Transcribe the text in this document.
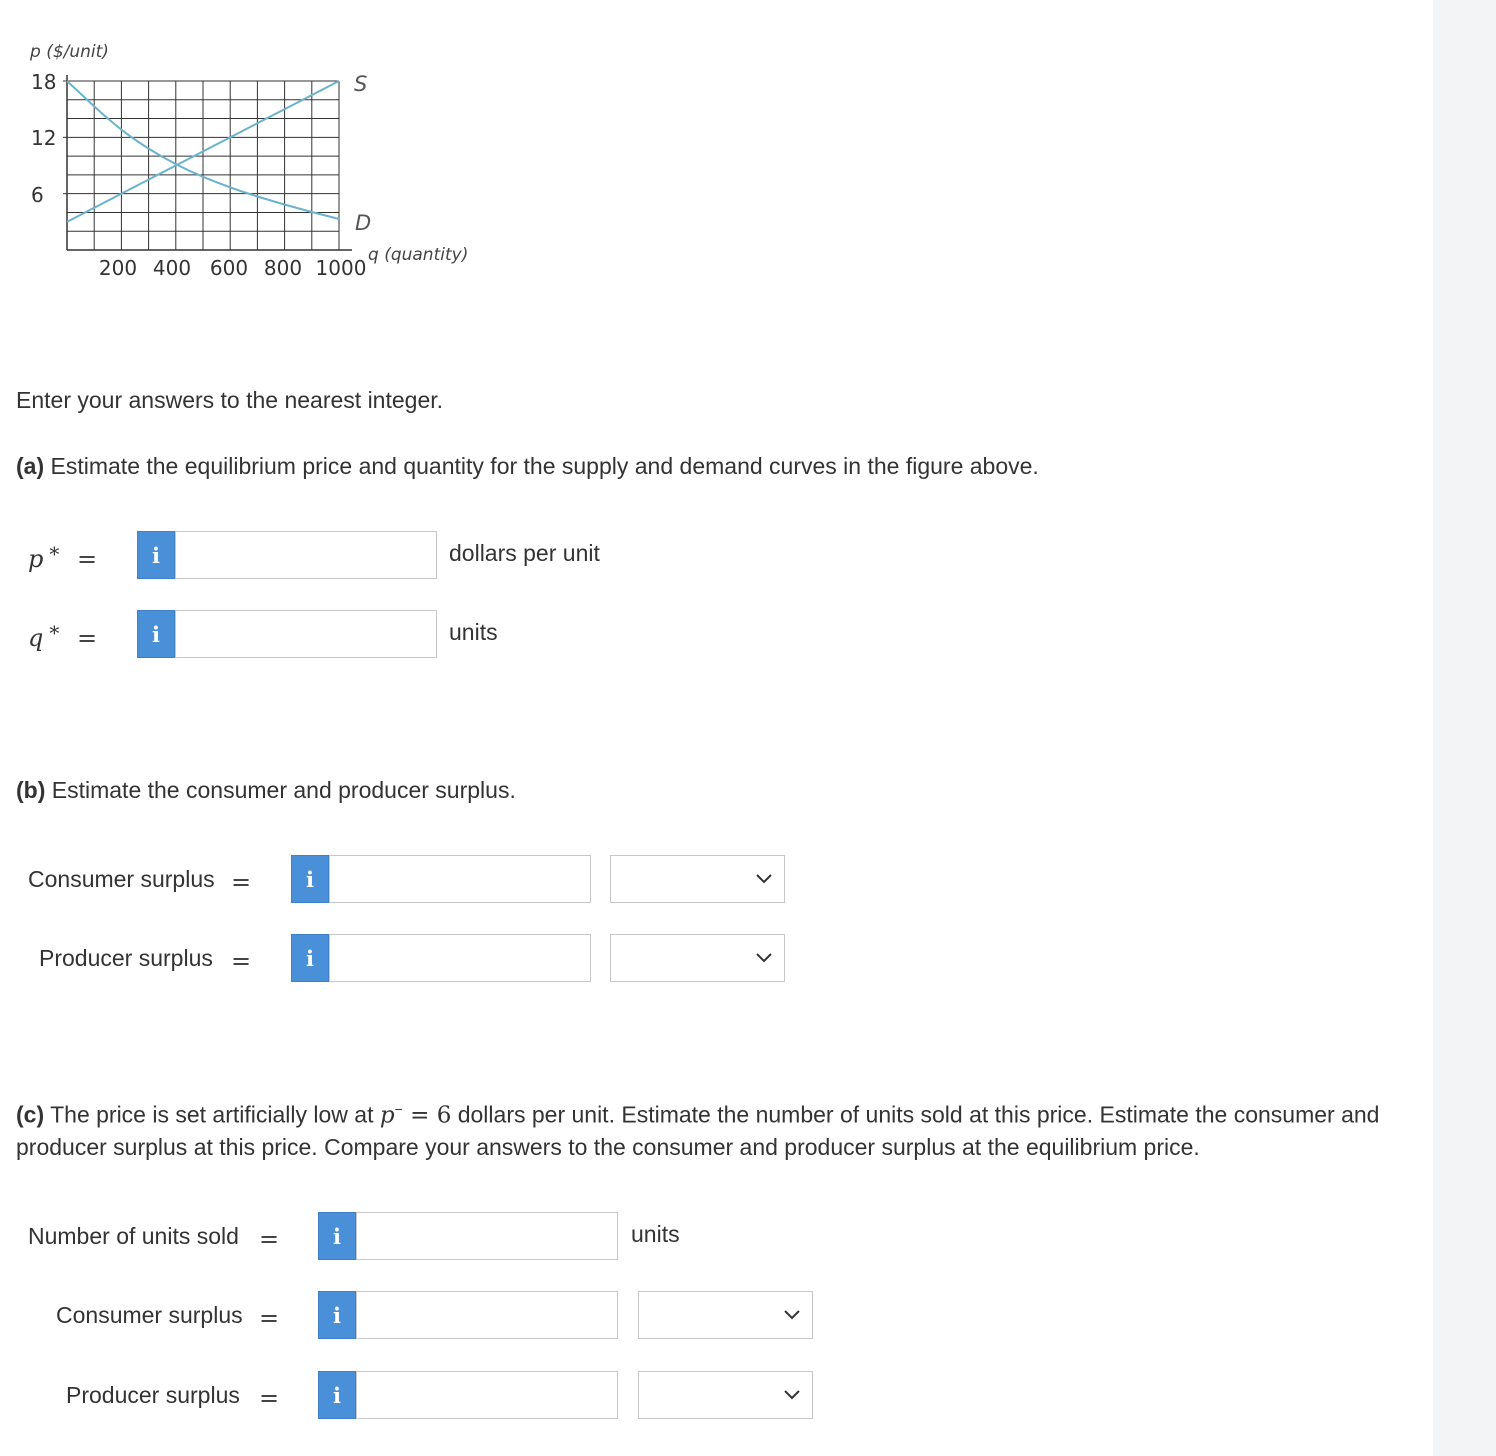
p ($/unit)
18
12
6
200 400 600 800 1000
S
D
q (quantity)
Enter your answers to the nearest integer.
(a) Estimate the equilibrium price and quantity for the supply and demand curves in the figure above.
p * =	i	dollars per unit
q * =	i	units
(b) Estimate the consumer and producer surplus.
Consumer surplus =	i
Producer surplus =	i
(c) The price is set artificially low at p− = 6 dollars per unit. Estimate the number of units sold at this price. Estimate the consumer and
producer surplus at this price. Compare your answers to the consumer and producer surplus at the equilibrium price.
Number of units sold =	i	units
Consumer surplus =	i
Producer surplus =	i
